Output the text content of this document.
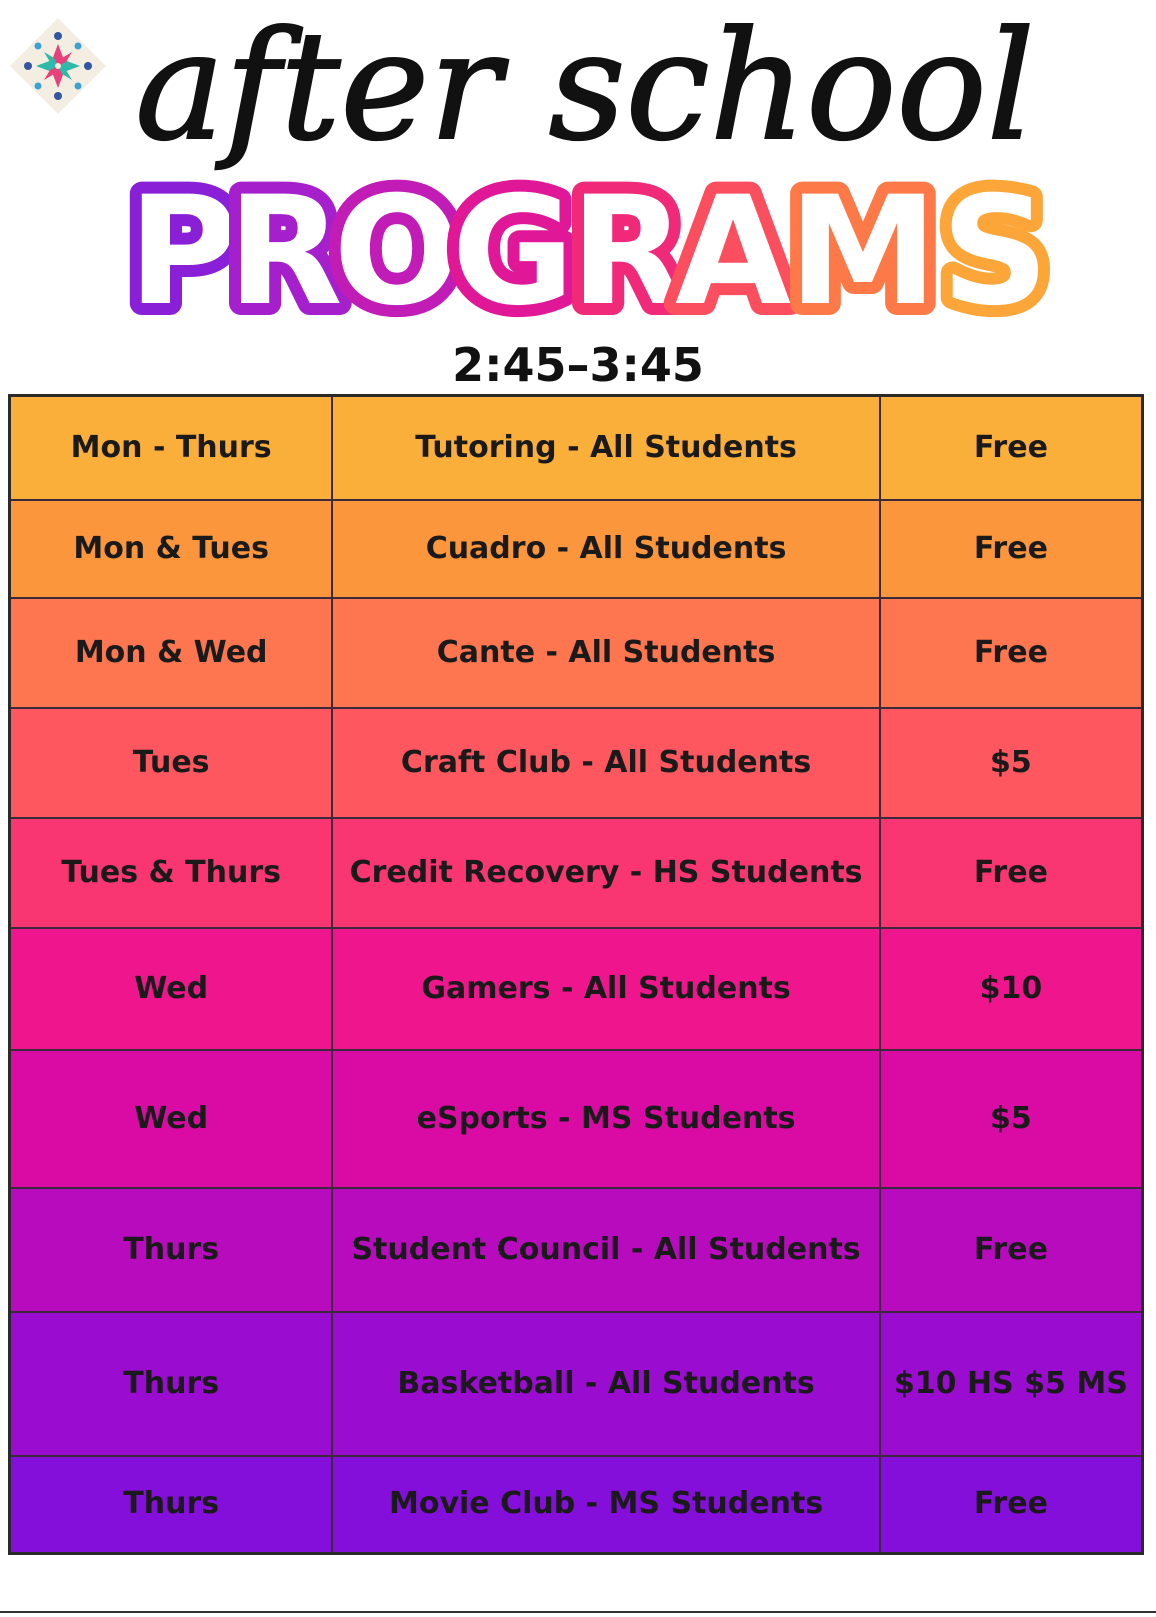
after school
P
R
O
G
R
A
M S
2:45–3:45
Mon - Thurs	Tutoring - All Students	Free
Mon & Tues	Cuadro - All Students	Free
Mon & Wed	Cante - All Students	Free
Tues	Craft Club - All Students	$5
Tues & Thurs	Credit Recovery - HS Students	Free
Wed	Gamers - All Students	$10
Wed	eSports - MS Students	$5
Thurs	Student Council - All Students	Free
Thurs	Basketball - All Students	$10 HS $5 MS
Thurs	Movie Club - MS Students	Free
